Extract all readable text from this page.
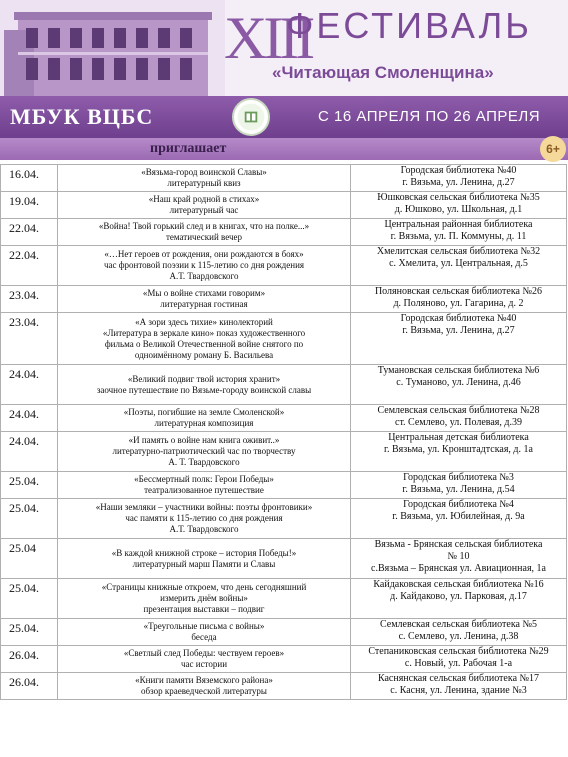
XIII
ФЕСТИВАЛЬ
«Читающая Смоленщина»
МБУК ВЦБС	С 16 АПРЕЛЯ ПО 26 АПРЕЛЯ
приглашает	6+
16.04.	«Вязьма-город воинской Славы»
литературный квиз	Городская библиотека №40
г. Вязьма, ул. Ленина, д.27

19.04.	«Наш край родной в стихах»
литературный час	Юшковская сельская библиотека №35
д. Юшково, ул. Школьная, д.1

22.04.	«Война! Твой горький след и в книгах, что на полке...»
тематический вечер	Центральная районная библиотека
г. Вязьма, ул. П. Коммуны, д. 11

22.04.	«…Нет героев от рождения, они рождаются в боях»
час фронтовой поэзии к 115-летию со дня рождения
А.Т. Твардовского	Хмелитская сельская библиотека №32
с. Хмелита, ул. Центральная, д.5

23.04.	«Мы о войне стихами говорим»
литературная гостиная	Поляновская сельская библиотека №26
д. Поляново, ул. Гагарина, д. 2

23.04.	«А зори здесь тихие» кинолекторий
«Литература в зеркале кино» показ художественного
фильма о Великой Отечественной войне снятого по
одноимённому роману Б. Васильева	Городская библиотека №40
г. Вязьма, ул. Ленина, д.27

24.04.	«Великий подвиг твой история хранит»
заочное путешествие по Вязьме-городу воинской славы	Тумановская сельская библиотека №6
с. Туманово, ул. Ленина, д.46

24.04.	«Поэты, погибшие на земле Смоленской»
литературная композиция	Семлевская сельская библиотека №28
ст. Семлево, ул. Полевая, д.39

24.04.	«И память о войне нам книга оживит..»
литературно-патриотический час по творчеству
А. Т. Твардовского	Центральная детская библиотека
г. Вязьма, ул. Кронштадтская, д. 1а

25.04.	«Бессмертный полк: Герои Победы»
театрализованное путешествие	Городская библиотека №3
г. Вязьма, ул. Ленина, д.54

25.04.	«Наши земляки – участники войны: поэты фронтовики»
час памяти к 115-летию со дня рождения
А.Т. Твардовского	Городская библиотека №4
г. Вязьма, ул. Юбилейная, д. 9а

25.04	«В каждой книжной строке – история Победы!»
литературный марш Памяти и Славы	Вязьма - Брянская сельская библиотека
№ 10
с.Вязьма – Брянская ул. Авиационная, 1а

25.04.	«Страницы книжные откроем, что день сегодняшний
измерить днём войны»
презентация выставки – подвиг	Кайдаковская сельская библиотека №16
д. Кайдаково, ул. Парковая, д.17

25.04.	«Треугольные письма с войны»
беседа	Семлевская сельская библиотека №5
с. Семлево, ул. Ленина, д.38

26.04.	«Светлый след Победы: чествуем героев»
час истории	Степаниковская сельская библиотека №29
с. Новый, ул. Рабочая 1-а

26.04.	«Книги памяти Вяземского района»
обзор краеведческой литературы	Каснянская сельская библиотека №17
с. Касня, ул. Ленина, здание №3
